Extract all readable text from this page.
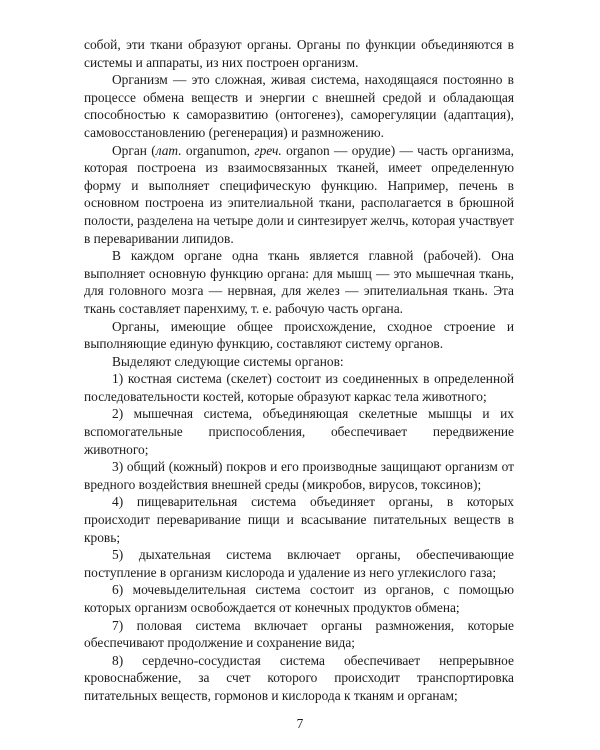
собой, эти ткани образуют органы. Органы по функции объединяются в системы и аппараты, из них построен организм.

Организм — это сложная, живая система, находящаяся постоянно в процессе обмена веществ и энергии с внешней средой и обладающая способностью к саморазвитию (онтогенез), саморегуляции (адаптация), самовосстановлению (регенерация) и размножению.

Орган (лат. organumon, греч. organon — орудие) — часть организма, которая построена из взаимосвязанных тканей, имеет определенную форму и выполняет специфическую функцию. Например, печень в основном построена из эпителиальной ткани, располагается в брюшной полости, разделена на четыре доли и синтезирует желчь, которая участвует в переваривании липидов.

В каждом органе одна ткань является главной (рабочей). Она выполняет основную функцию органа: для мышц — это мышечная ткань, для головного мозга — нервная, для желез — эпителиальная ткань. Эта ткань составляет паренхиму, т. е. рабочую часть органа.

Органы, имеющие общее происхождение, сходное строение и выполняющие единую функцию, составляют систему органов.

Выделяют следующие системы органов:

1) костная система (скелет) состоит из соединенных в определенной последовательности костей, которые образуют каркас тела животного;

2) мышечная система, объединяющая скелетные мышцы и их вспомогательные приспособления, обеспечивает передвижение животного;

3) общий (кожный) покров и его производные защищают организм от вредного воздействия внешней среды (микробов, вирусов, токсинов);

4) пищеварительная система объединяет органы, в которых происходит переваривание пищи и всасывание питательных веществ в кровь;

5) дыхательная система включает органы, обеспечивающие поступление в организм кислорода и удаление из него углекислого газа;

6) мочевыделительная система состоит из органов, с помощью которых организм освобождается от конечных продуктов обмена;

7) половая система включает органы размножения, которые обеспечивают продолжение и сохранение вида;

8) сердечно-сосудистая система обеспечивает непрерывное кровоснабжение, за счет которого происходит транспортировка питательных веществ, гормонов и кислорода к тканям и органам;

7
